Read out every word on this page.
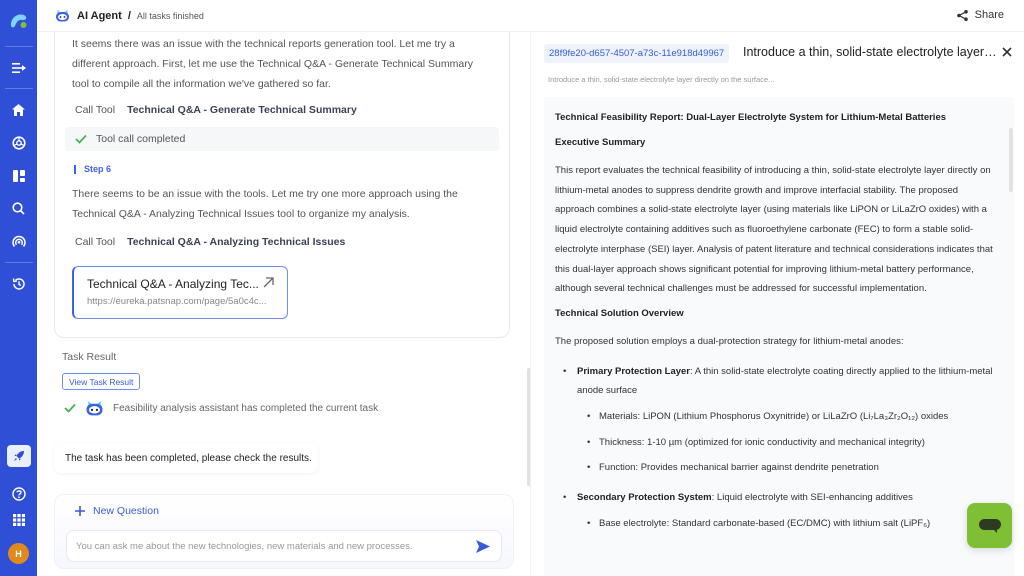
H
AI Agent / All tasks finished	Share
It seems there was an issue with the technical reports generation tool. Let me try a different approach. First, let me use the Technical Q&A - Generate Technical Summary tool to compile all the information we've gathered so far.
Call Tool Technical Q&A - Generate Technical Summary
Tool call completed
Step 6
There seems to be an issue with the tools. Let me try one more approach using the Technical Q&A - Analyzing Technical Issues tool to organize my analysis.
Call Tool Technical Q&A - Analyzing Technical Issues
Technical Q&A - Analyzing Tec...
https://eureka.patsnap.com/page/5a0c4c...
Task Result
View Task Result
Feasibility analysis assistant has completed the current task
The task has been completed, please check the results.
New Question
You can ask me about the new technologies, new materials and new processes.
28f9fe20-d657-4507-a73c-11e918d49967	Introduce a thin, solid-state electrolyte layer…
Introduce a thin, solid-state electrolyte layer directly on the surface...
Technical Feasibility Report: Dual-Layer Electrolyte System for Lithium-Metal Batteries
Executive Summary

This report evaluates the technical feasibility of introducing a thin, solid-state electrolyte layer directly on lithium-metal anodes to suppress dendrite growth and improve interfacial stability. The proposed approach combines a solid-state electrolyte layer (using materials like LiPON or LiLaZrO oxides) with a liquid electrolyte containing additives such as fluoroethylene carbonate (FEC) to form a stable solid-electrolyte interphase (SEI) layer. Analysis of patent literature and technical considerations indicates that this dual-layer approach shows significant potential for improving lithium-metal battery performance, although several technical challenges must be addressed for successful implementation.

Technical Solution Overview

The proposed solution employs a dual-protection strategy for lithium-metal anodes:

• Primary Protection Layer: A thin solid-state electrolyte coating directly applied to the lithium-metal anode surface
• Materials: LiPON (Lithium Phosphorus Oxynitride) or LiLaZrO (Li₇La₃Zr₂O₁₂) oxides
• Thickness: 1-10 µm (optimized for ionic conductivity and mechanical integrity)
• Function: Provides mechanical barrier against dendrite penetration
• Secondary Protection System: Liquid electrolyte with SEI-enhancing additives
• Base electrolyte: Standard carbonate-based (EC/DMC) with lithium salt (LiPF₆)
